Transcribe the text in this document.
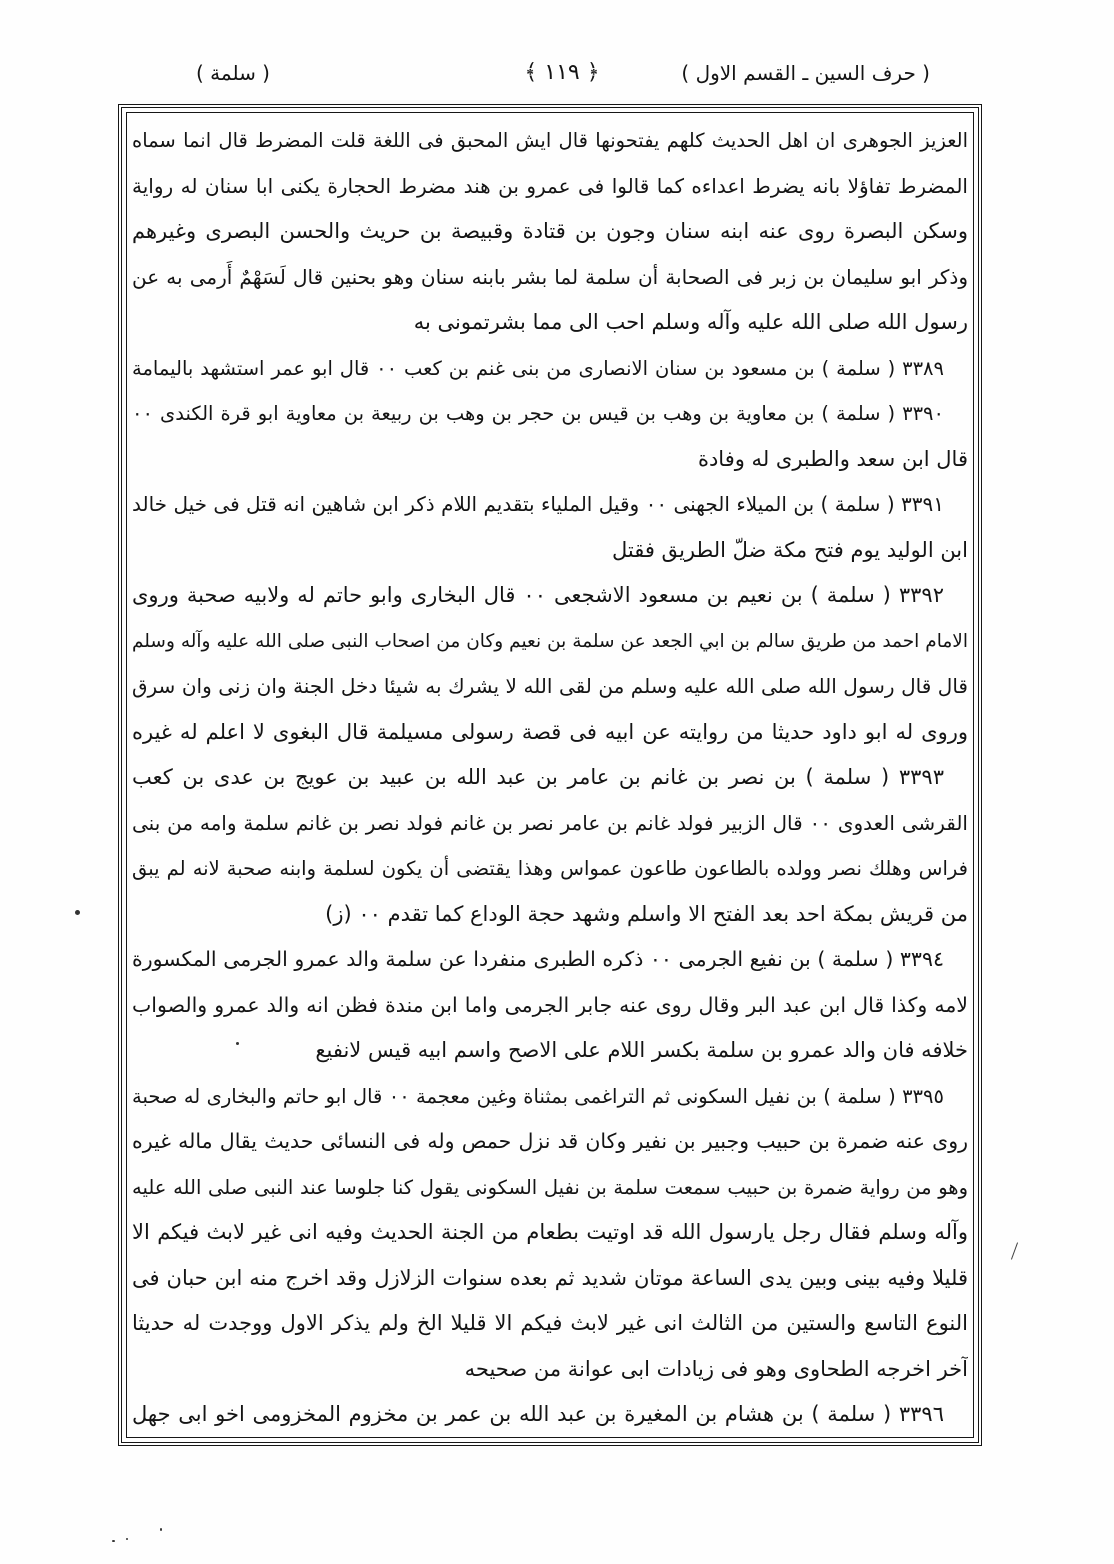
( حرف السين ـ القسم الاول )
﴿ ١١٩ ﴾
( سلمة )
العزيز الجوهرى ان اهل الحديث كلهم يفتحونها قال ايش المحبق فى اللغة قلت المضرط قال انما سماه
المضرط تفاؤلا بانه يضرط اعداءه كما قالوا فى عمرو بن هند مضرط الحجارة يكنى ابا سنان له رواية
وسكن البصرة روى عنه ابنه سنان وجون بن قتادة وقبيصة بن حريث والحسن البصرى وغيرهم
وذكر ابو سليمان بن زبر فى الصحابة أن سلمة لما بشر بابنه سنان وهو بحنين قال لَسَهْمٌ أَرمى به عن
رسول الله صلى الله عليه وآله وسلم احب الى مما بشرتمونى به
٣٣٨٩ ( سلمة ) بن مسعود بن سنان الانصارى من بنى غنم بن كعب ٠٠ قال ابو عمر استشهد باليمامة
٣٣٩٠ ( سلمة ) بن معاوية بن وهب بن قيس بن حجر بن وهب بن ربيعة بن معاوية ابو قرة الكندى ٠٠
قال ابن سعد والطبرى له وفادة
٣٣٩١ ( سلمة ) بن الميلاء الجهنى ٠٠ وقيل الملياء بتقديم اللام ذكر ابن شاهين انه قتل فى خيل خالد
ابن الوليد يوم فتح مكة ضلّ الطريق فقتل
٣٣٩٢ ( سلمة ) بن نعيم بن مسعود الاشجعى ٠٠ قال البخارى وابو حاتم له ولابيه صحبة وروى
الامام احمد من طريق سالم بن ابي الجعد عن سلمة بن نعيم وكان من اصحاب النبى صلى الله عليه وآله وسلم
قال قال رسول الله صلى الله عليه وسلم من لقى الله لا يشرك به شيئا دخل الجنة وان زنى وان سرق
وروى له ابو داود حديثا من روايته عن ابيه فى قصة رسولى مسيلمة قال البغوى لا اعلم له غيره
٣٣٩٣ ( سلمة ) بن نصر بن غانم بن عامر بن عبد الله بن عبيد بن عويج بن عدى بن كعب
القرشى العدوى ٠٠ قال الزبير فولد غانم بن عامر نصر بن غانم فولد نصر بن غانم سلمة وامه من بنى
فراس وهلك نصر وولده بالطاعون طاعون عمواس وهذا يقتضى أن يكون لسلمة وابنه صحبة لانه لم يبق
من قريش بمكة احد بعد الفتح الا واسلم وشهد حجة الوداع كما تقدم ٠٠ (ز)
٣٣٩٤ ( سلمة ) بن نفيع الجرمى ٠٠ ذكره الطبرى منفردا عن سلمة والد عمرو الجرمى المكسورة
لامه وكذا قال ابن عبد البر وقال روى عنه جابر الجرمى واما ابن مندة فظن انه والد عمرو والصواب
خلافه فان والد عمرو بن سلمة بكسر اللام على الاصح واسم ابيه قيس لانفيع
٣٣٩٥ ( سلمة ) بن نفيل السكونى ثم التراغمى بمثناة وغين معجمة ٠٠ قال ابو حاتم والبخارى له صحبة
روى عنه ضمرة بن حبيب وجبير بن نفير وكان قد نزل حمص وله فى النسائى حديث يقال ماله غيره
وهو من رواية ضمرة بن حبيب سمعت سلمة بن نفيل السكونى يقول كنا جلوسا عند النبى صلى الله عليه
وآله وسلم فقال رجل يارسول الله قد اوتيت بطعام من الجنة الحديث وفيه انى غير لابث فيكم الا
قليلا وفيه بينى وبين يدى الساعة موتان شديد ثم بعده سنوات الزلازل وقد اخرج منه ابن حبان فى
النوع التاسع والستين من الثالث انى غير لابث فيكم الا قليلا الخ ولم يذكر الاول ووجدت له حديثا
آخر اخرجه الطحاوى وهو فى زيادات ابى عوانة من صحيحه
٣٣٩٦ ( سلمة ) بن هشام بن المغيرة بن عبد الله بن عمر بن مخزوم المخزومى اخو ابى جهل
